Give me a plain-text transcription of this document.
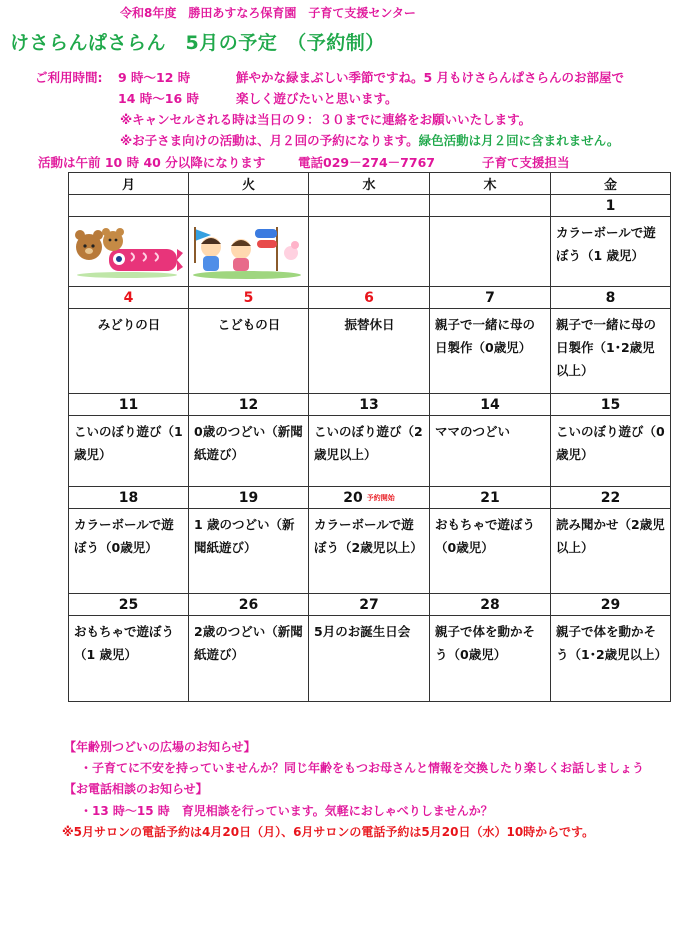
令和8年度　勝田あすなろ保育園　子育て支援センター
けさらんぱさらん　5月の予定　（予約制）
ご利用時間: 9 時～12 時
14 時～16 時
鮮やかな緑まぶしい季節ですね。5 月もけさらんぱさらんのお部屋で
楽しく遊びたいと思います。
※キャンセルされる時は当日の９：３０までに連絡をお願いいたします。
※お子さま向けの活動は、月２回の予約になります。緑色活動は月２回に含まれません。
活動は午前 10 時 40 分以降になります	電話029－274－7767	子育て支援担当
月	火	水	木	金
				1
				カラーボールで遊ぼう（1 歳児）
4	5	6	7	8
みどりの日	こどもの日	振替休日	親子で一緒に母の日製作（0歳児）	親子で一緒に母の日製作（1･2歳児以上）
11	12	13	14	15
こいのぼり遊び（1 歳児）	0歳のつどい（新聞紙遊び）	こいのぼり遊び（2歳児以上）	ママのつどい	こいのぼり遊び（0歳児）
18	19	20 予約開始	21	22
カラーボールで遊ぼう（0歳児）	1 歳のつどい（新聞紙遊び）	カラーボールで遊ぼう（2歳児以上）	おもちゃで遊ぼう（0歳児）	読み聞かせ（2歳児以上）
25	26	27	28	29
おもちゃで遊ぼう（1 歳児）	2歳のつどい（新聞紙遊び）	5月のお誕生日会	親子で体を動かそう（0歳児）	親子で体を動かそう（1･2歳児以上）
【年齢別つどいの広場のお知らせ】
・子育てに不安を持っていませんか？同じ年齢をもつお母さんと情報を交換したり楽しくお話しましょう
【お電話相談のお知らせ】
・13 時～15 時　育児相談を行っています。気軽におしゃべりしませんか？
※5月サロンの電話予約は4月20日（月）、6月サロンの電話予約は5月20日（水）10時からです。
